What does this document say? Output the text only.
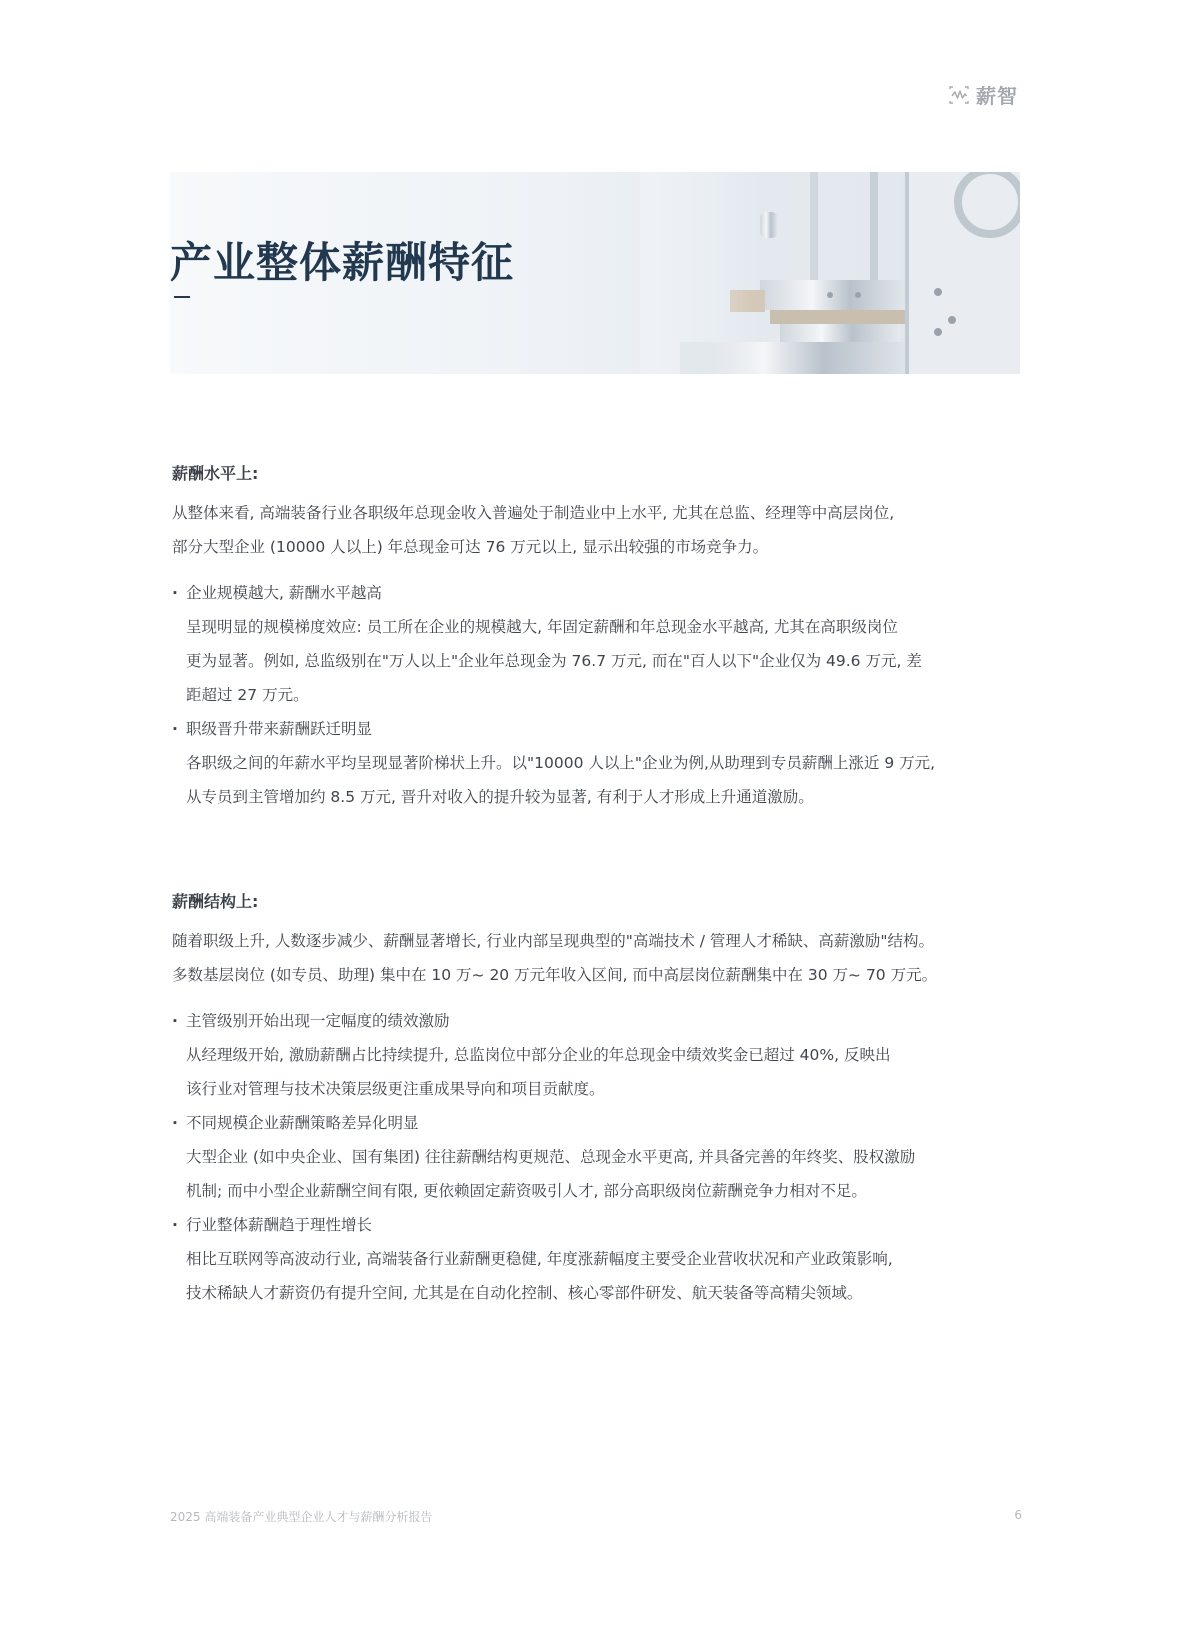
薪智
产业整体薪酬特征

薪酬水平上:

从整体来看, 高端装备行业各职级年总现金收入普遍处于制造业中上水平, 尤其在总监、经理等中高层岗位,

部分大型企业 (10000 人以上) 年总现金可达 76 万元以上, 显示出较强的市场竞争力。

· 企业规模越大, 薪酬水平越高

呈现明显的规模梯度效应: 员工所在企业的规模越大, 年固定薪酬和年总现金水平越高, 尤其在高职级岗位

更为显著。例如, 总监级别在"万人以上"企业年总现金为 76.7 万元, 而在"百人以下"企业仅为 49.6 万元, 差

距超过 27 万元。

· 职级晋升带来薪酬跃迁明显

各职级之间的年薪水平均呈现显著阶梯状上升。以"10000 人以上"企业为例,从助理到专员薪酬上涨近 9 万元,

从专员到主管增加约 8.5 万元, 晋升对收入的提升较为显著, 有利于人才形成上升通道激励。

薪酬结构上:

随着职级上升, 人数逐步减少、薪酬显著增长, 行业内部呈现典型的"高端技术 / 管理人才稀缺、高薪激励"结构。

多数基层岗位 (如专员、助理) 集中在 10 万~ 20 万元年收入区间, 而中高层岗位薪酬集中在 30 万~ 70 万元。

· 主管级别开始出现一定幅度的绩效激励

从经理级开始, 激励薪酬占比持续提升, 总监岗位中部分企业的年总现金中绩效奖金已超过 40%, 反映出

该行业对管理与技术决策层级更注重成果导向和项目贡献度。

· 不同规模企业薪酬策略差异化明显

大型企业 (如中央企业、国有集团) 往往薪酬结构更规范、总现金水平更高, 并具备完善的年终奖、股权激励

机制; 而中小型企业薪酬空间有限, 更依赖固定薪资吸引人才, 部分高职级岗位薪酬竞争力相对不足。

· 行业整体薪酬趋于理性增长

相比互联网等高波动行业, 高端装备行业薪酬更稳健, 年度涨薪幅度主要受企业营收状况和产业政策影响,

技术稀缺人才薪资仍有提升空间, 尤其是在自动化控制、核心零部件研发、航天装备等高精尖领域。

2025 高端装备产业典型企业人才与薪酬分析报告	6
